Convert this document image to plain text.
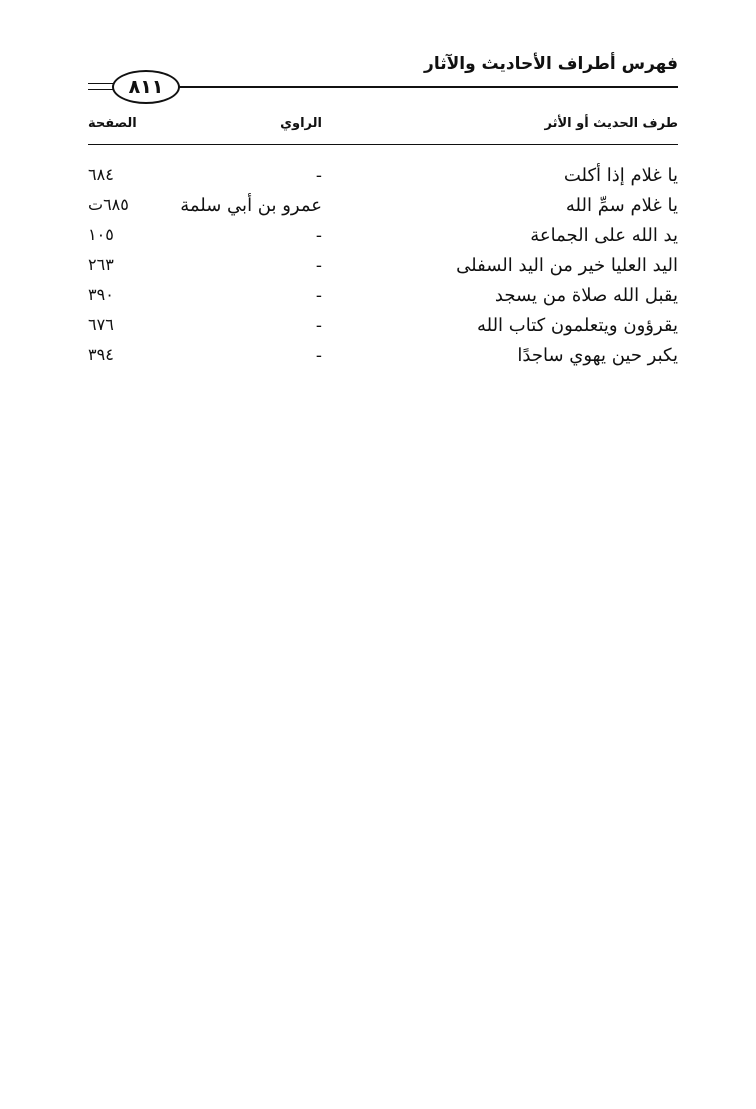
فهرس أطراف الأحاديث والآثار
٨١١
طرف الحديث أو الأثر
الراوي
الصفحة
يا غلام إذا أكلت
-
٦٨٤
يا غلام سمِّ الله
عمرو بن أبي سلمة
٦٨٥ت
يد الله على الجماعة
-
١٠٥
اليد العليا خير من اليد السفلى
-
٢٦٣
يقبل الله صلاة من يسجد
-
٣٩٠
يقرؤون ويتعلمون كتاب الله
-
٦٧٦
يكبر حين يهوي ساجدًا
-
٣٩٤
